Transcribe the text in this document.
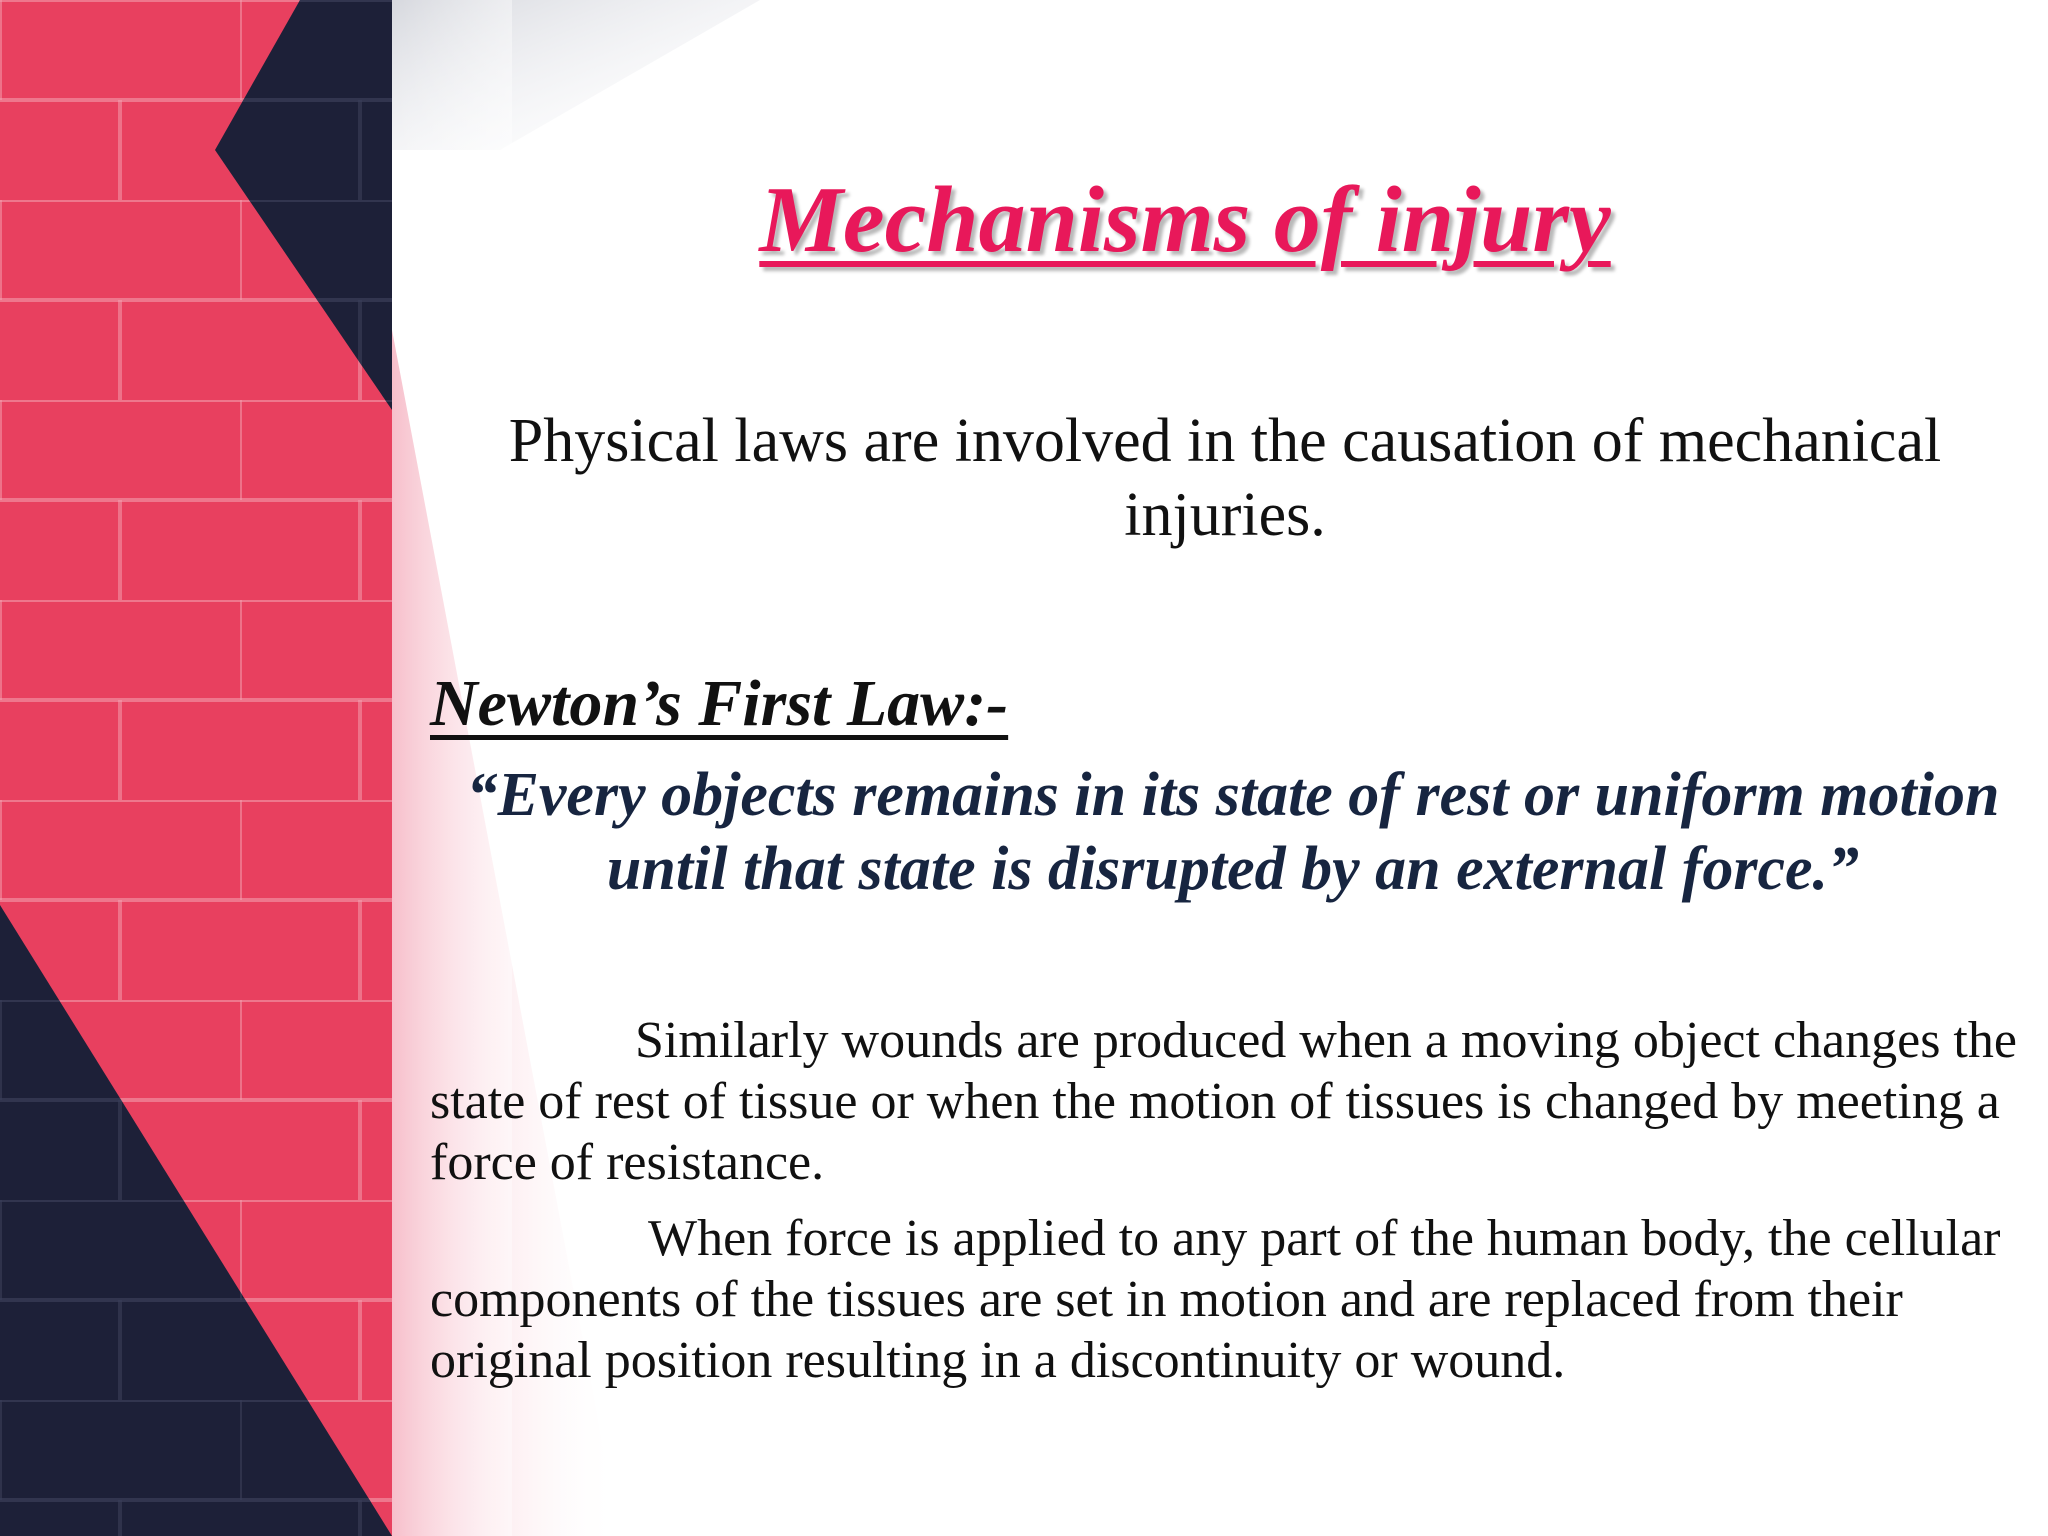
Mechanisms of injury

Physical laws are involved in the causation of mechanical injuries.

Newton’s First Law:-

“Every objects remains in its state of rest or uniform motion until that state is disrupted by an external force.”

Similarly wounds are produced when a moving object changes the state of rest of tissue or when the motion of tissues is changed by meeting a force of resistance.

When force is applied to any part of the human body, the cellular components of the tissues are set in motion and are replaced from their original position resulting in a discontinuity or wound.
